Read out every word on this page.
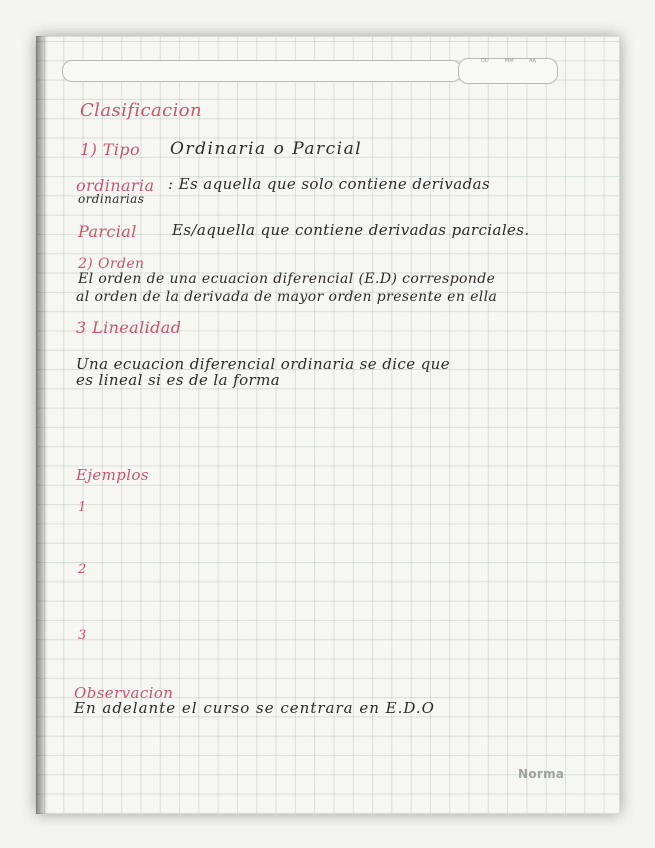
DD	MM	AA

Clasificacion

1) Tipo Ordinaria o Parcial

ordinaria : Es aquella que solo contiene derivadas

ordinarias

Parcial Es/aquella que contiene derivadas parciales.

2) Orden

El orden de una ecuacion diferencial (E.D) corresponde

al orden de la derivada de mayor orden presente en ella

3 Linealidad

Una ecuacion diferencial ordinaria se dice que

es lineal si es de la forma

Ejemplos

1

2

3

Observacion

En adelante el curso se centrara en E.D.O

Norma
